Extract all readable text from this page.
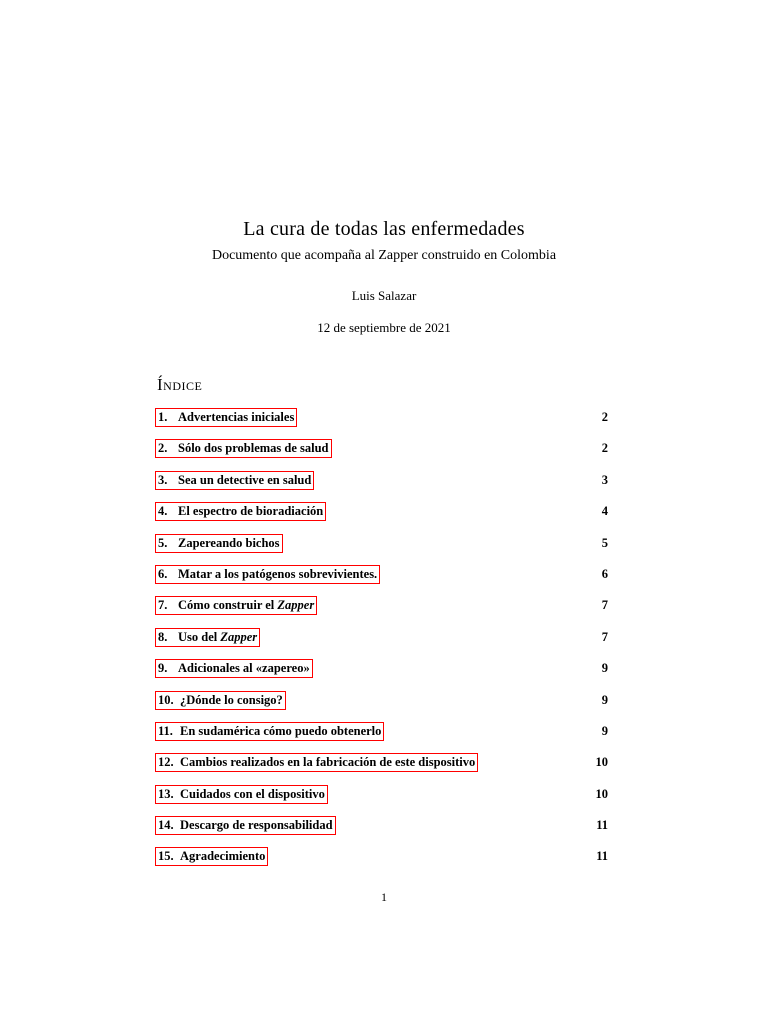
La cura de todas las enfermedades
Documento que acompaña al Zapper construido en Colombia
Luis Salazar
12 de septiembre de 2021
Índice
1. Advertencias iniciales	2
2. Sólo dos problemas de salud	2
3. Sea un detective en salud	3
4. El espectro de bioradiación	4
5. Zapereando bichos	5
6. Matar a los patógenos sobrevivientes.	6
7. Cómo construir el Zapper	7
8. Uso del Zapper	7
9. Adicionales al «zapereo»	9
10. ¿Dónde lo consigo?	9
11. En sudamérica cómo puedo obtenerlo	9
12. Cambios realizados en la fabricación de este dispositivo	10
13. Cuidados con el dispositivo	10
14. Descargo de responsabilidad	11
15. Agradecimiento	11
1
